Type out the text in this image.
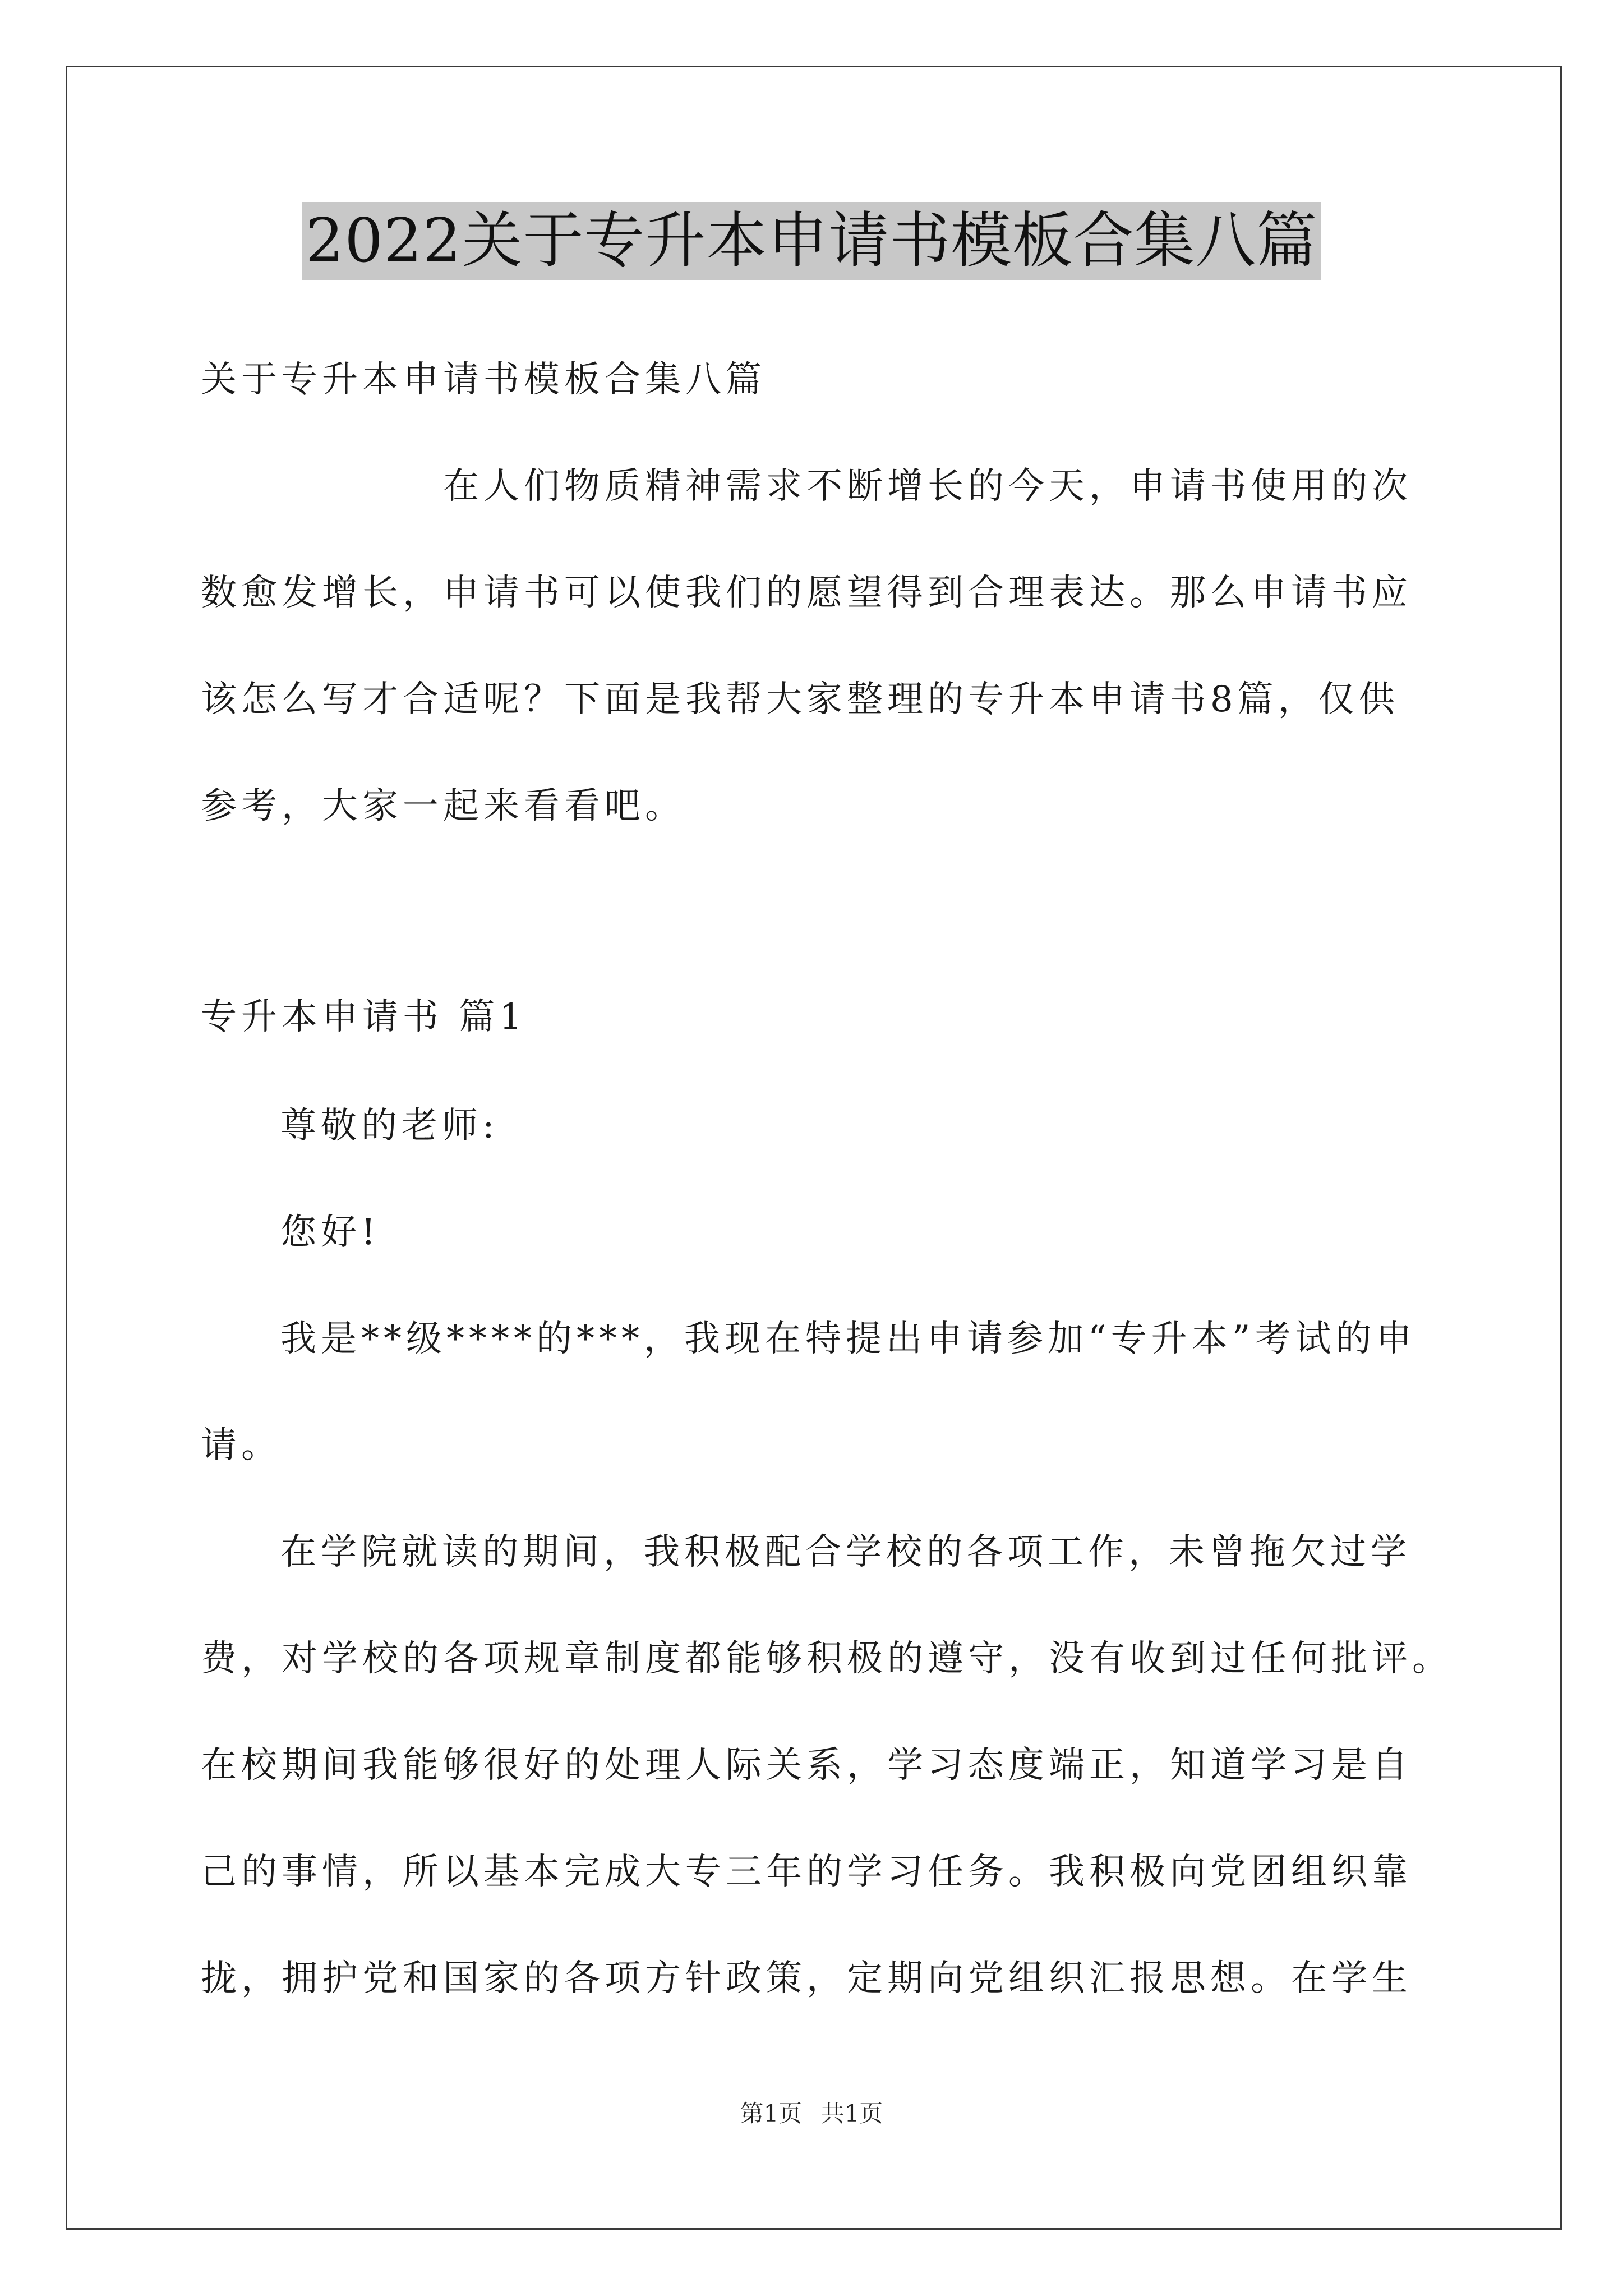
2022关于专升本申请书模板合集八篇
关于专升本申请书模板合集八篇
在人们物质精神需求不断增长的今天，申请书使用的次
数愈发增长，申请书可以使我们的愿望得到合理表达。那么申请书应
该怎么写才合适呢？下面是我帮大家整理的专升本申请书8篇，仅供
参考，大家一起来看看吧。
专升本申请书 篇1
尊敬的老师:
您好!
我是**级****的***，我现在特提出申请参加“专升本”考试的申
请。
在学院就读的期间，我积极配合学校的各项工作，未曾拖欠过学
费，对学校的各项规章制度都能够积极的遵守，没有收到过任何批评。
在校期间我能够很好的处理人际关系，学习态度端正，知道学习是自
己的事情，所以基本完成大专三年的学习任务。我积极向党团组织靠
拢，拥护党和国家的各项方针政策，定期向党组织汇报思想。在学生
第1页 共1页
